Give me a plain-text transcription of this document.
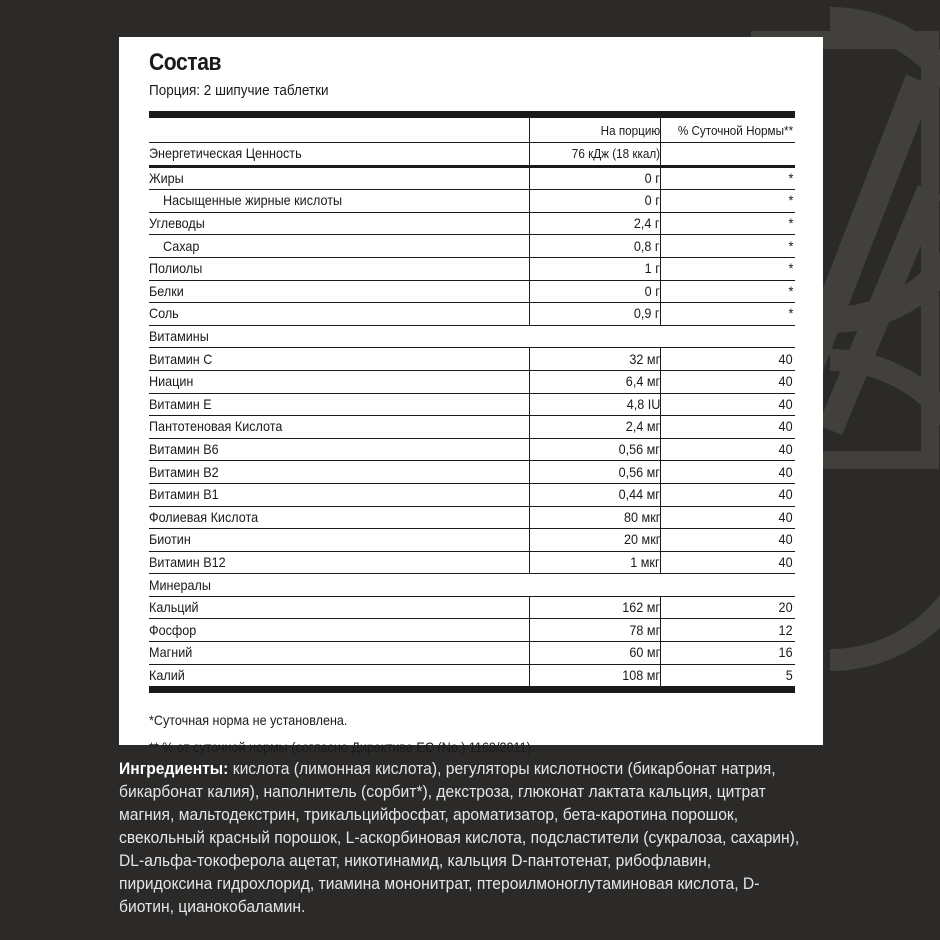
Состав

Порция: 2 шипучие таблетки

	На порцию	% Суточной Нормы**
Энергетическая Ценность	76 кДж (18 ккал)	
Жиры	0 г	*
Насыщенные жирные кислоты	0 г	*
Углеводы	2,4 г	*
Сахар	0,8 г	*
Полиолы	1 г	*
Белки	0 г	*
Соль	0,9 г	*
Витамины		
Витамин С	32 мг	40
Ниацин	6,4 мг	40
Витамин Е	4,8 IU	40
Пантотеновая Кислота	2,4 мг	40
Витамин В6	0,56 мг	40
Витамин В2	0,56 мг	40
Витамин В1	0,44 мг	40
Фолиевая Кислота	80 мкг	40
Биотин	20 мкг	40
Витамин В12	1 мкг	40
Минералы		
Кальций	162 мг	20
Фосфор	78 мг	12
Магний	60 мг	16
Калий	108 мг	5

*Суточная норма не установлена.

** % от суточной нормы (согласно Директиве ЕС (No.) 1169/2011).

Ингредиенты: кислота (лимонная кислота), регуляторы кислотности (бикарбонат натрия, бикарбонат калия), наполнитель (сорбит*), декстроза, глюконат лактата кальция, цитрат магния, мальтодекстрин, трикальцийфосфат, ароматизатор, бета-каротина порошок, свекольный красный порошок, L-аскорбиновая кислота, подсластители (сукралоза, сахарин), DL-альфа-токоферола ацетат, никотинамид, кальция D-пантотенат, рибофлавин, пиридоксина гидрохлорид, тиамина мононитрат, птероилмоноглутаминовая кислота, D-биотин, цианокобаламин.
